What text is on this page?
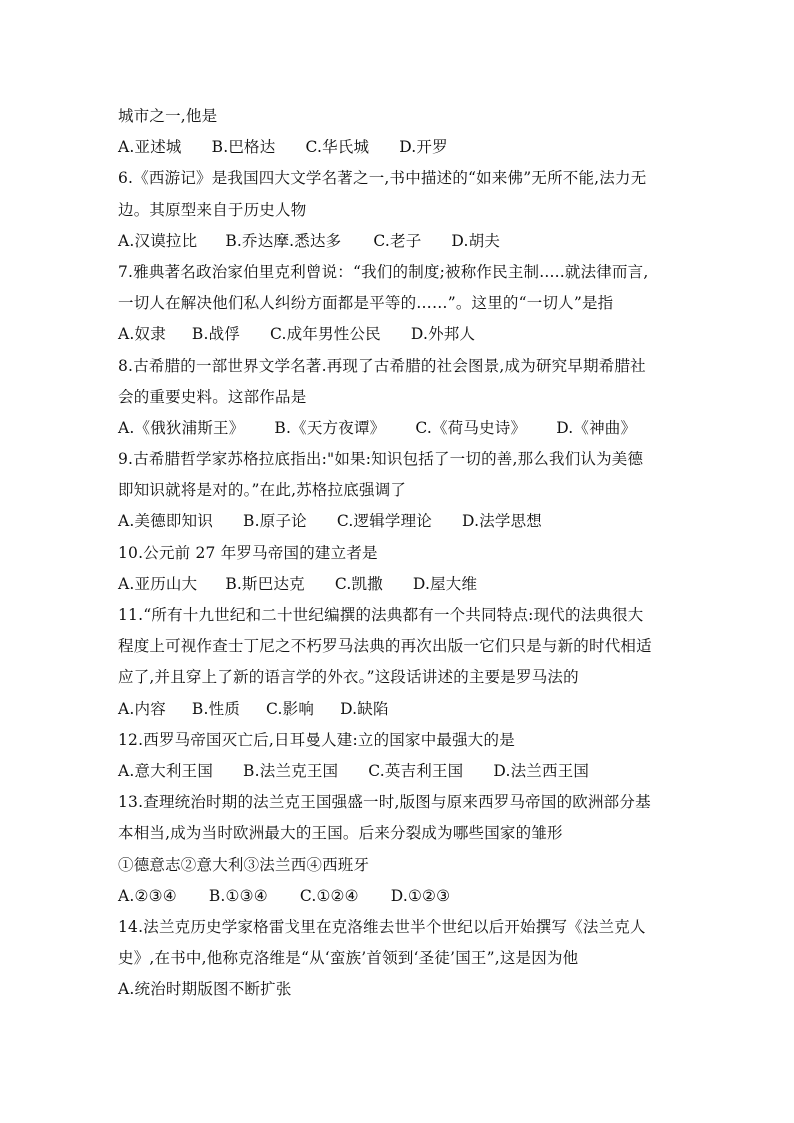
城市之一,他是
A.亚述城 B.巴格达 C.华氏城 D.开罗
6.《西游记》是我国四大文学名著之一,书中描述的“如来佛”无所不能,法力无
边。其原型来自于历史人物
A.汉谟拉比 B.乔达摩.悉达多 C.老子 D.胡夫
7.雅典著名政治家伯里克利曾说：“我们的制度;被称作民主制.....就法律而言,
一切人在解决他们私人纠纷方面都是平等的……”。这里的“一切人”是指
A.奴隶 B.战俘 C.成年男性公民 D.外邦人
8.古希腊的一部世界文学名著.再现了古希腊的社会图景,成为研究早期希腊社
会的重要史料。这部作品是
A.《俄狄浦斯王》 B.《天方夜谭》 C.《荷马史诗》 D.《神曲》
9.古希腊哲学家苏格拉底指出:"如果:知识包括了一切的善,那么我们认为美德
即知识就将是对的。”在此,苏格拉底强调了
A.美德即知识 B.原子论 C.逻辑学理论 D.法学思想
10.公元前 27 年罗马帝国的建立者是
A.亚历山大 B.斯巴达克 C.凯撒 D.屋大维
11.“所有十九世纪和二十世纪编撰的法典都有一个共同特点:现代的法典很大
程度上可视作查士丁尼之不朽罗马法典的再次出版一它们只是与新的时代相适
应了,并且穿上了新的语言学的外衣。”这段话讲述的主要是罗马法的
A.内容 B.性质 C.影响 D.缺陷
12.西罗马帝国灭亡后,日耳曼人建:立的国家中最强大的是
A.意大利王国 B.法兰克王国 C.英吉利王国 D.法兰西王国
13.查理统治时期的法兰克王国强盛一时,版图与原来西罗马帝国的欧洲部分基
本相当,成为当时欧洲最大的王国。后来分裂成为哪些国家的雏形
①德意志②意大利③法兰西④西班牙
A.②③④ B.①③④ C.①②④ D.①②③
14.法兰克历史学家格雷戈里在克洛维去世半个世纪以后开始撰写《法兰克人
史》,在书中,他称克洛维是“从‘蛮族’首领到‘圣徒’国王”,这是因为他
A.统治时期版图不断扩张
